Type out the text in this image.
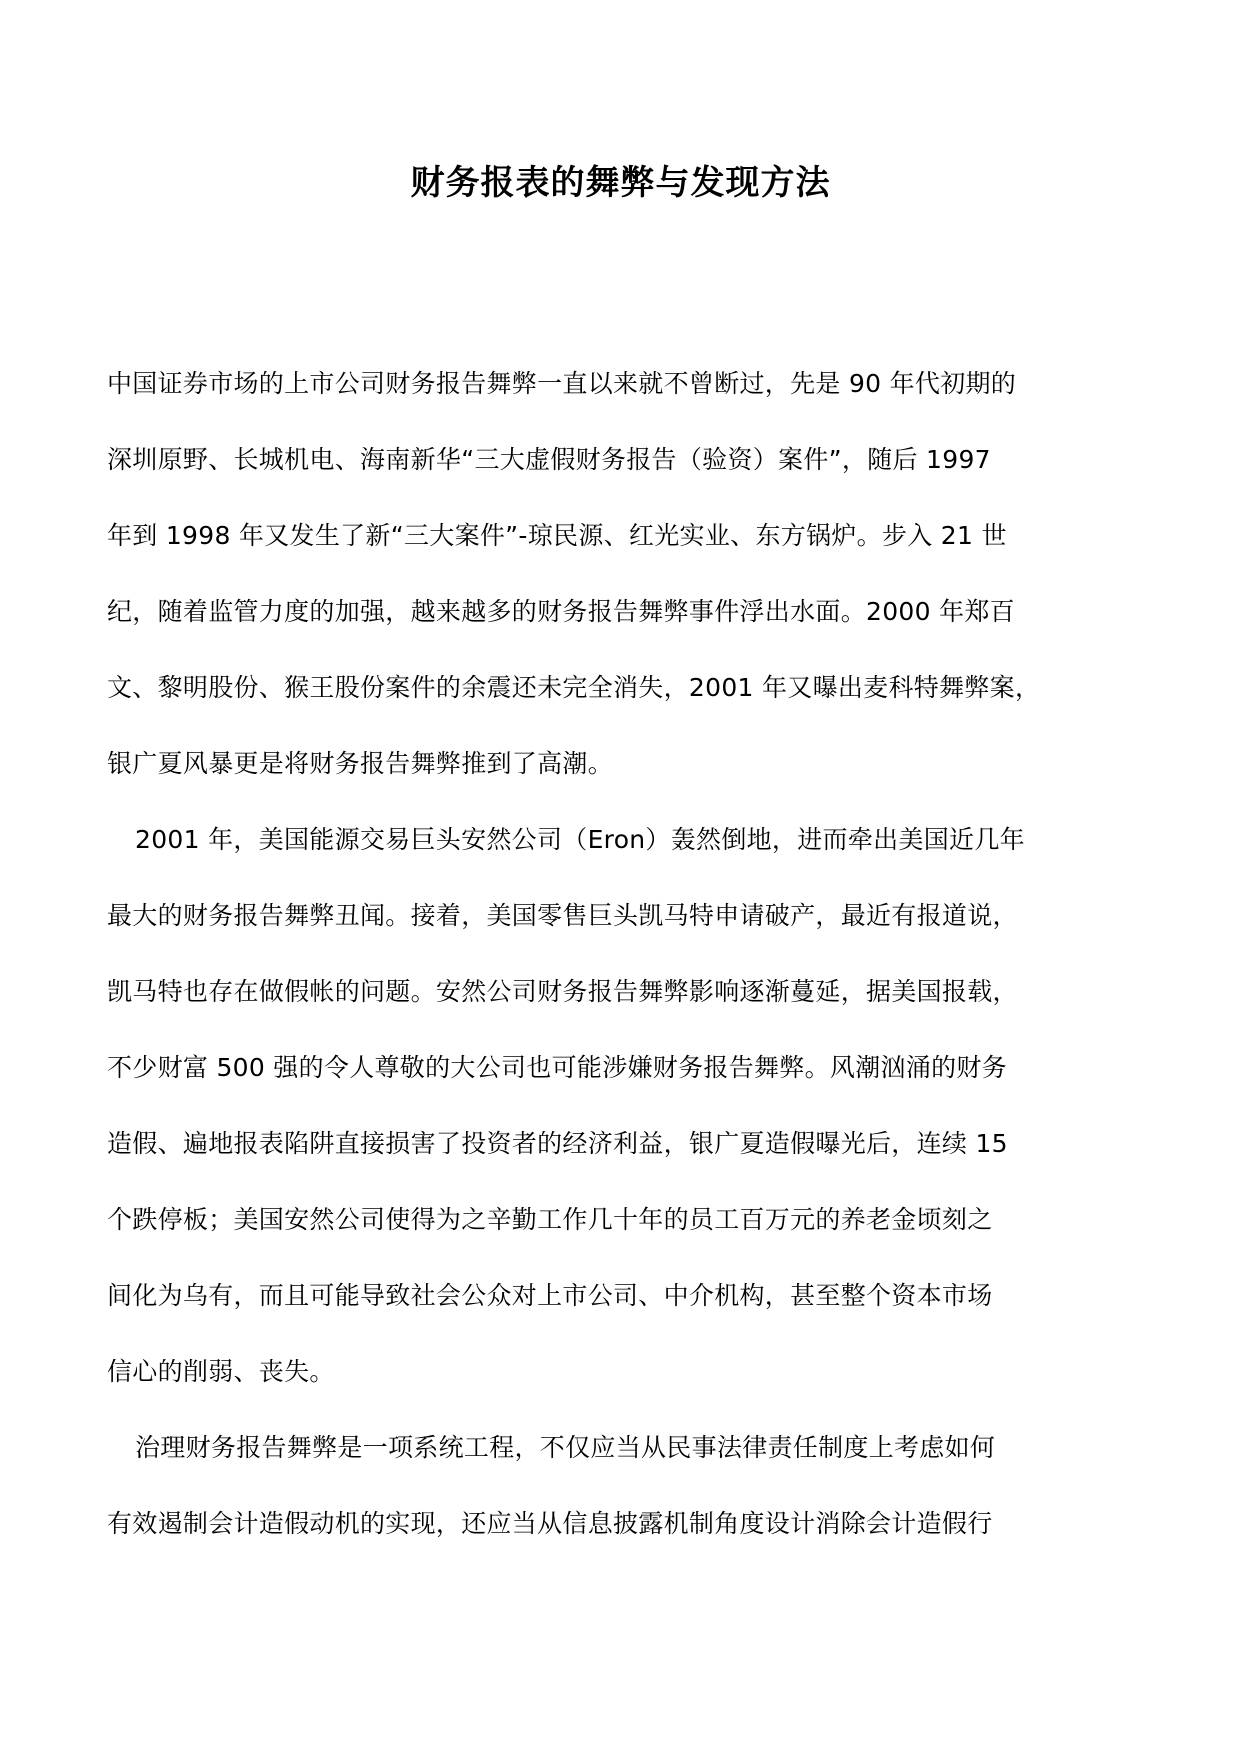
财务报表的舞弊与发现方法

中国证券市场的上市公司财务报告舞弊一直以来就不曾断过，先是 90 年代初期的
深圳原野、长城机电、海南新华“三大虚假财务报告（验资）案件”，随后 1997
年到 1998 年又发生了新“三大案件”-琼民源、红光实业、东方锅炉。步入 21 世
纪，随着监管力度的加强，越来越多的财务报告舞弊事件浮出水面。2000 年郑百
文、黎明股份、猴王股份案件的余震还未完全消失，2001 年又曝出麦科特舞弊案，
银广夏风暴更是将财务报告舞弊推到了高潮。

2001 年，美国能源交易巨头安然公司（Eron）轰然倒地，进而牵出美国近几年
最大的财务报告舞弊丑闻。接着，美国零售巨头凯马特申请破产，最近有报道说，
凯马特也存在做假帐的问题。安然公司财务报告舞弊影响逐渐蔓延，据美国报载，
不少财富 500 强的令人尊敬的大公司也可能涉嫌财务报告舞弊。风潮汹涌的财务
造假、遍地报表陷阱直接损害了投资者的经济利益，银广夏造假曝光后，连续 15
个跌停板；美国安然公司使得为之辛勤工作几十年的员工百万元的养老金顷刻之
间化为乌有，而且可能导致社会公众对上市公司、中介机构，甚至整个资本市场
信心的削弱、丧失。

治理财务报告舞弊是一项系统工程，不仅应当从民事法律责任制度上考虑如何
有效遏制会计造假动机的实现，还应当从信息披露机制角度设计消除会计造假行
